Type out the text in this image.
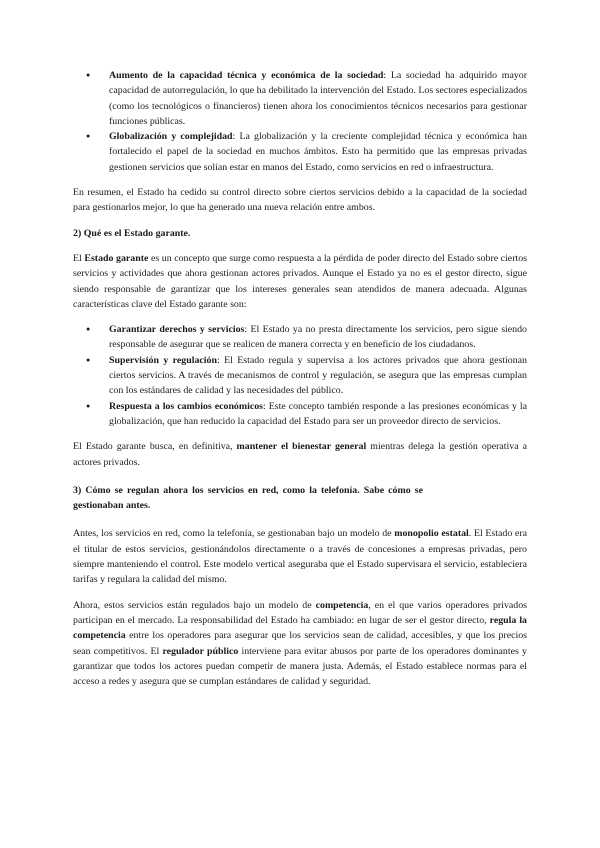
● Aumento de la capacidad técnica y económica de la sociedad: La sociedad ha adquirido mayor capacidad de autorregulación, lo que ha debilitado la intervención del Estado. Los sectores especializados (como los tecnológicos o financieros) tienen ahora los conocimientos técnicos necesarios para gestionar funciones públicas.
● Globalización y complejidad: La globalización y la creciente complejidad técnica y económica han fortalecido el papel de la sociedad en muchos ámbitos. Esto ha permitido que las empresas privadas gestionen servicios que solían estar en manos del Estado, como servicios en red o infraestructura.

En resumen, el Estado ha cedido su control directo sobre ciertos servicios debido a la capacidad de la sociedad para gestionarlos mejor, lo que ha generado una nueva relación entre ambos.

2) Qué es el Estado garante.

El Estado garante es un concepto que surge como respuesta a la pérdida de poder directo del Estado sobre ciertos servicios y actividades que ahora gestionan actores privados. Aunque el Estado ya no es el gestor directo, sigue siendo responsable de garantizar que los intereses generales sean atendidos de manera adecuada. Algunas características clave del Estado garante son:

● Garantizar derechos y servicios: El Estado ya no presta directamente los servicios, pero sigue siendo responsable de asegurar que se realicen de manera correcta y en beneficio de los ciudadanos.
● Supervisión y regulación: El Estado regula y supervisa a los actores privados que ahora gestionan ciertos servicios. A través de mecanismos de control y regulación, se asegura que las empresas cumplan con los estándares de calidad y las necesidades del público.
● Respuesta a los cambios económicos: Este concepto también responde a las presiones económicas y la globalización, que han reducido la capacidad del Estado para ser un proveedor directo de servicios.

El Estado garante busca, en definitiva, mantener el bienestar general mientras delega la gestión operativa a actores privados.

3) Cómo se regulan ahora los servicios en red, como la telefonía. Sabe cómo se gestionaban antes.

Antes, los servicios en red, como la telefonía, se gestionaban bajo un modelo de monopolio estatal. El Estado era el titular de estos servicios, gestionándolos directamente o a través de concesiones a empresas privadas, pero siempre manteniendo el control. Este modelo vertical aseguraba que el Estado supervisara el servicio, estableciera tarifas y regulara la calidad del mismo.

Ahora, estos servicios están regulados bajo un modelo de competencia, en el que varios operadores privados participan en el mercado. La responsabilidad del Estado ha cambiado: en lugar de ser el gestor directo, regula la competencia entre los operadores para asegurar que los servicios sean de calidad, accesibles, y que los precios sean competitivos. El regulador público interviene para evitar abusos por parte de los operadores dominantes y garantizar que todos los actores puedan competir de manera justa. Además, el Estado establece normas para el acceso a redes y asegura que se cumplan estándares de calidad y seguridad.
